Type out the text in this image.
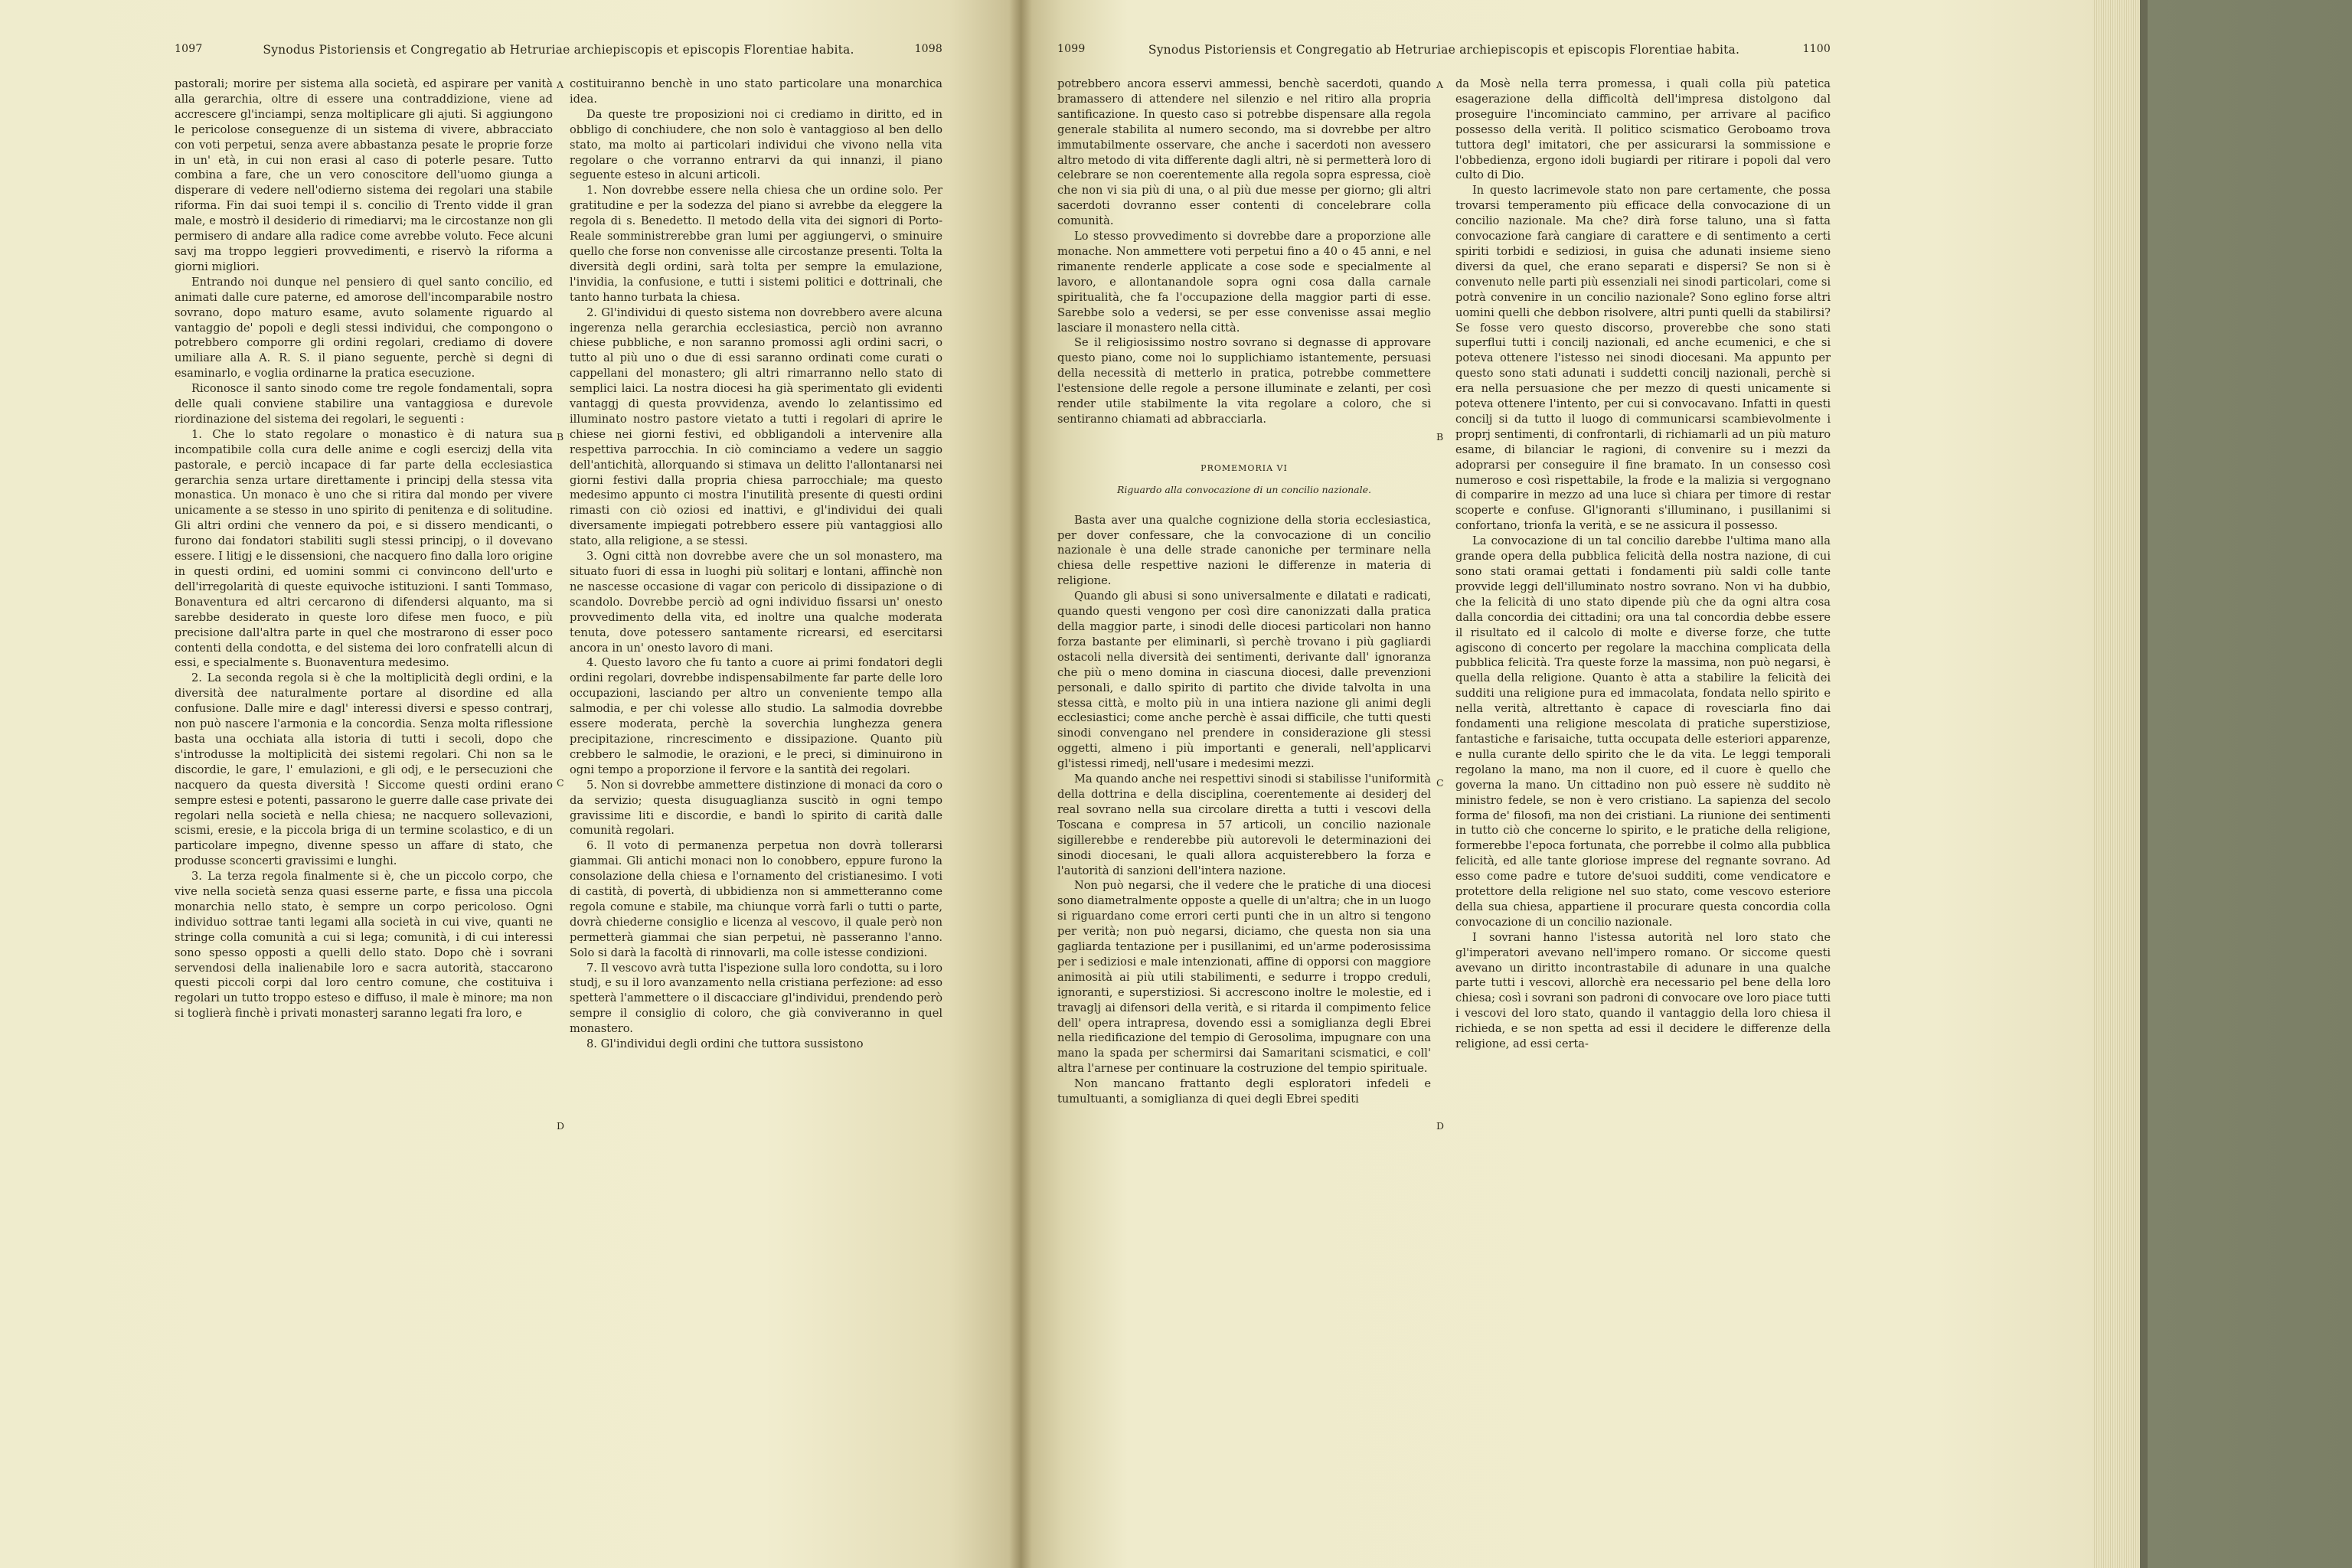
1097	Synodus Pistoriensis et Congregatio ab Hetruriae archiepiscopis et episcopis Florentiae habita.	1098
A
B
C
D

pastorali; morire per sistema alla società, ed aspirare per vanità alla gerarchia, oltre di essere una contraddizione, viene ad accrescere gl'inciampi, senza moltiplicare gli ajuti. Si aggiungono le pericolose conseguenze di un sistema di vivere, abbracciato con voti perpetui, senza avere abbastanza pesate le proprie forze in un' età, in cui non erasi al caso di poterle pesare. Tutto combina a fare, che un vero conoscitore dell'uomo giunga a disperare di vedere nell'odierno sistema dei regolari una stabile riforma. Fin dai suoi tempi il s. concilio di Trento vidde il gran male, e mostrò il desiderio di rimediarvi; ma le circostanze non gli permisero di andare alla radice come avrebbe voluto. Fece alcuni savj ma troppo leggieri provvedimenti, e riservò la riforma a giorni migliori.

Entrando noi dunque nel pensiero di quel santo concilio, ed animati dalle cure paterne, ed amorose dell'incomparabile nostro sovrano, dopo maturo esame, avuto solamente riguardo al vantaggio de' popoli e degli stessi individui, che compongono o potrebbero comporre gli ordini regolari, crediamo di dovere umiliare alla A. R. S. il piano seguente, perchè si degni di esaminarlo, e voglia ordinarne la pratica esecuzione.

Riconosce il santo sinodo come tre regole fondamentali, sopra delle quali conviene stabilire una vantaggiosa e durevole riordinazione del sistema dei regolari, le seguenti :

1. Che lo stato regolare o monastico è di natura sua incompatibile colla cura delle anime e cogli esercizj della vita pastorale, e perciò incapace di far parte della ecclesiastica gerarchia senza urtare direttamente i principj della stessa vita monastica. Un monaco è uno che si ritira dal mondo per vivere unicamente a se stesso in uno spirito di penitenza e di solitudine. Gli altri ordini che vennero da poi, e si dissero mendicanti, o furono dai fondatori stabiliti sugli stessi principj, o il dovevano essere. I litigj e le dissensioni, che nacquero fino dalla loro origine in questi ordini, ed uomini sommi ci convincono dell'urto e dell'irregolarità di queste equivoche istituzioni. I santi Tommaso, Bonaventura ed altri cercarono di difendersi alquanto, ma si sarebbe desiderato in queste loro difese men fuoco, e più precisione dall'altra parte in quel che mostrarono di esser poco contenti della condotta, e del sistema dei loro confratelli alcun di essi, e specialmente s. Buonaventura medesimo.

2. La seconda regola si è che la moltiplicità degli ordini, e la diversità dee naturalmente portare al disordine ed alla confusione. Dalle mire e dagl' interessi diversi e spesso contrarj, non può nascere l'armonia e la concordia. Senza molta riflessione basta una occhiata alla istoria di tutti i secoli, dopo che s'introdusse la moltiplicità dei sistemi regolari. Chi non sa le discordie, le gare, l' emulazioni, e gli odj, e le persecuzioni che nacquero da questa diversità ! Siccome questi ordini erano sempre estesi e potenti, passarono le guerre dalle case private dei regolari nella società e nella chiesa; ne nacquero sollevazioni, scismi, eresie, e la piccola briga di un termine scolastico, e di un particolare impegno, divenne spesso un affare di stato, che produsse sconcerti gravissimi e lunghi.

3. La terza regola finalmente si è, che un piccolo corpo, che vive nella società senza quasi esserne parte, e fissa una piccola monarchia nello stato, è sempre un corpo pericoloso. Ogni individuo sottrae tanti legami alla società in cui vive, quanti ne stringe colla comunità a cui si lega; comunità, i di cui interessi sono spesso opposti a quelli dello stato. Dopo chè i sovrani servendosi della inalienabile loro e sacra autorità, staccarono questi piccoli corpi dal loro centro comune, che costituiva i regolari un tutto troppo esteso e diffuso, il male è minore; ma non si toglierà finchè i privati monasterj saranno legati fra loro, e

costituiranno benchè in uno stato particolare una monarchica idea.

Da queste tre proposizioni noi ci crediamo in diritto, ed in obbligo di conchiudere, che non solo è vantaggioso al ben dello stato, ma molto ai particolari individui che vivono nella vita regolare o che vorranno entrarvi da qui innanzi, il piano seguente esteso in alcuni articoli.

1. Non dovrebbe essere nella chiesa che un ordine solo. Per gratitudine e per la sodezza del piano si avrebbe da eleggere la regola di s. Benedetto. Il metodo della vita dei signori di Porto-Reale somministrerebbe gran lumi per aggiungervi, o sminuire quello che forse non convenisse alle circostanze presenti. Tolta la diversità degli ordini, sarà tolta per sempre la emulazione, l'invidia, la confusione, e tutti i sistemi politici e dottrinali, che tanto hanno turbata la chiesa.

2. Gl'individui di questo sistema non dovrebbero avere alcuna ingerenza nella gerarchia ecclesiastica, perciò non avranno chiese pubbliche, e non saranno promossi agli ordini sacri, o tutto al più uno o due di essi saranno ordinati come curati o cappellani del monastero; gli altri rimarranno nello stato di semplici laici. La nostra diocesi ha già sperimentato gli evidenti vantaggj di questa provvidenza, avendo lo zelantissimo ed illuminato nostro pastore vietato a tutti i regolari di aprire le chiese nei giorni festivi, ed obbligandoli a intervenire alla respettiva parrocchia. In ciò cominciamo a vedere un saggio dell'antichità, allorquando si stimava un delitto l'allontanarsi nei giorni festivi dalla propria chiesa parrocchiale; ma questo medesimo appunto ci mostra l'inutilità presente di questi ordini rimasti con ciò oziosi ed inattivi, e gl'individui dei quali diversamente impiegati potrebbero essere più vantaggiosi allo stato, alla religione, a se stessi.

3. Ogni città non dovrebbe avere che un sol monastero, ma situato fuori di essa in luoghi più solitarj e lontani, affinchè non ne nascesse occasione di vagar con pericolo di dissipazione o di scandolo. Dovrebbe perciò ad ogni individuo fissarsi un' onesto provvedimento della vita, ed inoltre una qualche moderata tenuta, dove potessero santamente ricrearsi, ed esercitarsi ancora in un' onesto lavoro di mani.

4. Questo lavoro che fu tanto a cuore ai primi fondatori degli ordini regolari, dovrebbe indispensabilmente far parte delle loro occupazioni, lasciando per altro un conveniente tempo alla salmodia, e per chi volesse allo studio. La salmodia dovrebbe essere moderata, perchè la soverchia lunghezza genera precipitazione, rincrescimento e dissipazione. Quanto più crebbero le salmodie, le orazioni, e le preci, si diminuirono in ogni tempo a proporzione il fervore e la santità dei regolari.

5. Non si dovrebbe ammettere distinzione di monaci da coro o da servizio; questa disuguaglianza suscitò in ogni tempo gravissime liti e discordie, e bandì lo spirito di carità dalle comunità regolari.

6. Il voto di permanenza perpetua non dovrà tollerarsi giammai. Gli antichi monaci non lo conobbero, eppure furono la consolazione della chiesa e l'ornamento del cristianesimo. I voti di castità, di povertà, di ubbidienza non si ammetteranno come regola comune e stabile, ma chiunque vorrà farli o tutti o parte, dovrà chiederne consiglio e licenza al vescovo, il quale però non permetterà giammai che sian perpetui, nè passeranno l'anno. Solo si darà la facoltà di rinnovarli, ma colle istesse condizioni.

7. Il vescovo avrà tutta l'ispezione sulla loro condotta, su i loro studj, e su il loro avanzamento nella cristiana perfezione: ad esso spetterà l'ammettere o il discacciare gl'individui, prendendo però sempre il consiglio di coloro, che già conviveranno in quel monastero.

8. Gl'individui degli ordini che tuttora sussistono

1099	Synodus Pistoriensis et Congregatio ab Hetruriae archiepiscopis et episcopis Florentiae habita.	1100
A
B
C
D

potrebbero ancora esservi ammessi, benchè sacerdoti, quando bramassero di attendere nel silenzio e nel ritiro alla propria santificazione. In questo caso si potrebbe dispensare alla regola generale stabilita al numero secondo, ma si dovrebbe per altro immutabilmente osservare, che anche i sacerdoti non avessero altro metodo di vita differente dagli altri, nè si permetterà loro di celebrare se non coerentemente alla regola sopra espressa, cioè che non vi sia più di una, o al più due messe per giorno; gli altri sacerdoti dovranno esser contenti di concelebrare colla comunità.

Lo stesso provvedimento si dovrebbe dare a proporzione alle monache. Non ammettere voti perpetui fino a 40 o 45 anni, e nel rimanente renderle applicate a cose sode e specialmente al lavoro, e allontanandole sopra ogni cosa dalla carnale spiritualità, che fa l'occupazione della maggior parti di esse. Sarebbe solo a vedersi, se per esse convenisse assai meglio lasciare il monastero nella città.

Se il religiosissimo nostro sovrano si degnasse di approvare questo piano, come noi lo supplichiamo istantemente, persuasi della necessità di metterlo in pratica, potrebbe commettere l'estensione delle regole a persone illuminate e zelanti, per così render utile stabilmente la vita regolare a coloro, che si sentiranno chiamati ad abbracciarla.

PROMEMORIA VI
Riguardo alla convocazione di un concilio nazionale.

Basta aver una qualche cognizione della storia ecclesiastica, per dover confessare, che la convocazione di un concilio nazionale è una delle strade canoniche per terminare nella chiesa delle respettive nazioni le differenze in materia di religione.

Quando gli abusi si sono universalmente e dilatati e radicati, quando questi vengono per così dire canonizzati dalla pratica della maggior parte, i sinodi delle diocesi particolari non hanno forza bastante per eliminarli, sì perchè trovano i più gagliardi ostacoli nella diversità dei sentimenti, derivante dall' ignoranza che più o meno domina in ciascuna diocesi, dalle prevenzioni personali, e dallo spirito di partito che divide talvolta in una stessa città, e molto più in una intiera nazione gli animi degli ecclesiastici; come anche perchè è assai difficile, che tutti questi sinodi convengano nel prendere in considerazione gli stessi oggetti, almeno i più importanti e generali, nell'applicarvi gl'istessi rimedj, nell'usare i medesimi mezzi.

Ma quando anche nei respettivi sinodi si stabilisse l'uniformità della dottrina e della disciplina, coerentemente ai desiderj del real sovrano nella sua circolare diretta a tutti i vescovi della Toscana e compresa in 57 articoli, un concilio nazionale sigillerebbe e renderebbe più autorevoli le determinazioni dei sinodi diocesani, le quali allora acquisterebbero la forza e l'autorità di sanzioni dell'intera nazione.

Non può negarsi, che il vedere che le pratiche di una diocesi sono diametralmente opposte a quelle di un'altra; che in un luogo si riguardano come errori certi punti che in un altro si tengono per verità; non può negarsi, diciamo, che questa non sia una gagliarda tentazione per i pusillanimi, ed un'arme poderosissima per i sediziosi e male intenzionati, affine di opporsi con maggiore animosità ai più utili stabilimenti, e sedurre i troppo creduli, ignoranti, e superstiziosi. Si accrescono inoltre le molestie, ed i travaglj ai difensori della verità, e si ritarda il compimento felice dell' opera intrapresa, dovendo essi a somiglianza degli Ebrei nella riedificazione del tempio di Gerosolima, impugnare con una mano la spada per schermirsi dai Samaritani scismatici, e coll' altra l'arnese per continuare la costruzione del tempio spirituale.

Non mancano frattanto degli esploratori infedeli e tumultuanti, a somiglianza di quei degli Ebrei spediti

da Mosè nella terra promessa, i quali colla più patetica esagerazione della difficoltà dell'impresa distolgono dal proseguire l'incominciato cammino, per arrivare al pacifico possesso della verità. Il politico scismatico Geroboamo trova tuttora degl' imitatori, che per assicurarsi la sommissione e l'obbedienza, ergono idoli bugiardi per ritirare i popoli dal vero culto di Dio.

In questo lacrimevole stato non pare certamente, che possa trovarsi temperamento più efficace della convocazione di un concilio nazionale. Ma che? dirà forse taluno, una sì fatta convocazione farà cangiare di carattere e di sentimento a certi spiriti torbidi e sediziosi, in guisa che adunati insieme sieno diversi da quel, che erano separati e dispersi? Se non si è convenuto nelle parti più essenziali nei sinodi particolari, come si potrà convenire in un concilio nazionale? Sono eglino forse altri uomini quelli che debbon risolvere, altri punti quelli da stabilirsi? Se fosse vero questo discorso, proverebbe che sono stati superflui tutti i concilj nazionali, ed anche ecumenici, e che si poteva ottenere l'istesso nei sinodi diocesani. Ma appunto per questo sono stati adunati i suddetti concilj nazionali, perchè si era nella persuasione che per mezzo di questi unicamente si poteva ottenere l'intento, per cui si convocavano. Infatti in questi concilj si da tutto il luogo di communicarsi scambievolmente i proprj sentimenti, di confrontarli, di richiamarli ad un più maturo esame, di bilanciar le ragioni, di convenire su i mezzi da adoprarsi per conseguire il fine bramato. In un consesso così numeroso e così rispettabile, la frode e la malizia si vergognano di comparire in mezzo ad una luce sì chiara per timore di restar scoperte e confuse. Gl'ignoranti s'illuminano, i pusillanimi si confortano, trionfa la verità, e se ne assicura il possesso.

La convocazione di un tal concilio darebbe l'ultima mano alla grande opera della pubblica felicità della nostra nazione, di cui sono stati oramai gettati i fondamenti più saldi colle tante provvide leggi dell'illuminato nostro sovrano. Non vi ha dubbio, che la felicità di uno stato dipende più che da ogni altra cosa dalla concordia dei cittadini; ora una tal concordia debbe essere il risultato ed il calcolo di molte e diverse forze, che tutte agiscono di concerto per regolare la macchina complicata della pubblica felicità. Tra queste forze la massima, non può negarsi, è quella della religione. Quanto è atta a stabilire la felicità dei sudditi una religione pura ed immacolata, fondata nello spirito e nella verità, altrettanto è capace di rovesciarla fino dai fondamenti una religione mescolata di pratiche superstiziose, fantastiche e farisaiche, tutta occupata delle esteriori apparenze, e nulla curante dello spirito che le da vita. Le leggi temporali regolano la mano, ma non il cuore, ed il cuore è quello che governa la mano. Un cittadino non può essere nè suddito nè ministro fedele, se non è vero cristiano. La sapienza del secolo forma de' filosofi, ma non dei cristiani. La riunione dei sentimenti in tutto ciò che concerne lo spirito, e le pratiche della religione, formerebbe l'epoca fortunata, che porrebbe il colmo alla pubblica felicità, ed alle tante gloriose imprese del regnante sovrano. Ad esso come padre e tutore de'suoi sudditi, come vendicatore e protettore della religione nel suo stato, come vescovo esteriore della sua chiesa, appartiene il procurare questa concordia colla convocazione di un concilio nazionale.

I sovrani hanno l'istessa autorità nel loro stato che gl'imperatori avevano nell'impero romano. Or siccome questi avevano un diritto incontrastabile di adunare in una qualche parte tutti i vescovi, allorchè era necessario pel bene della loro chiesa; così i sovrani son padroni di convocare ove loro piace tutti i vescovi del loro stato, quando il vantaggio della loro chiesa il richieda, e se non spetta ad essi il decidere le differenze della religione, ad essi certa-
